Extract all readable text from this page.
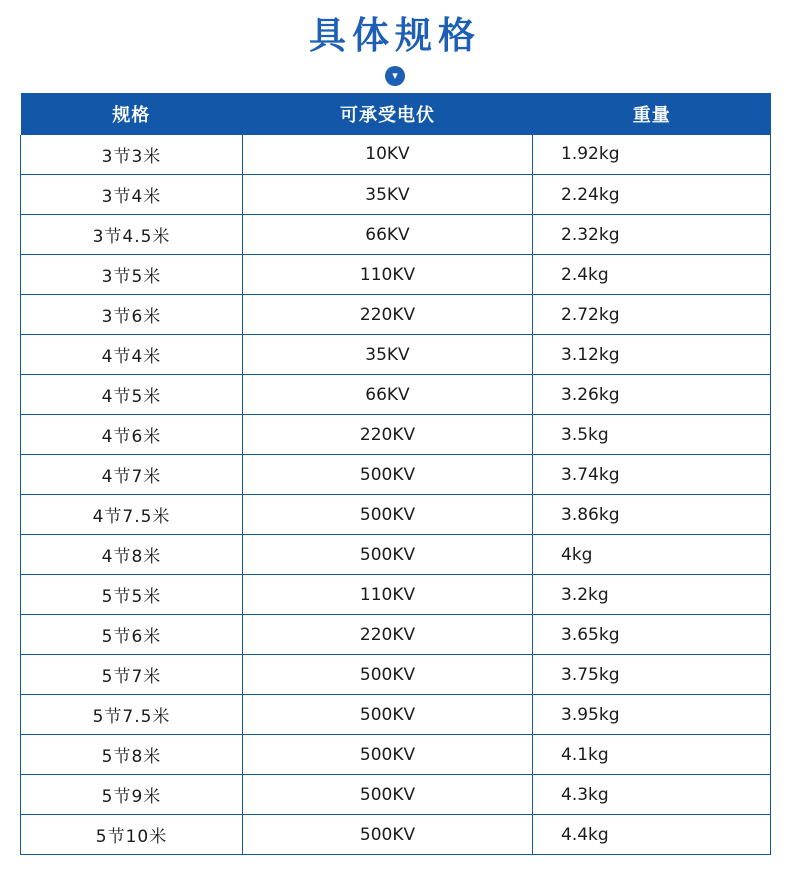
具体规格
▾
规格	可承受电伏	重量
3节3米	10KV	1.92kg
3节4米	35KV	2.24kg
3节4.5米	66KV	2.32kg
3节5米	110KV	2.4kg
3节6米	220KV	2.72kg
4节4米	35KV	3.12kg
4节5米	66KV	3.26kg
4节6米	220KV	3.5kg
4节7米	500KV	3.74kg
4节7.5米	500KV	3.86kg
4节8米	500KV	4kg
5节5米	110KV	3.2kg
5节6米	220KV	3.65kg
5节7米	500KV	3.75kg
5节7.5米	500KV	3.95kg
5节8米	500KV	4.1kg
5节9米	500KV	4.3kg
5节10米	500KV	4.4kg
